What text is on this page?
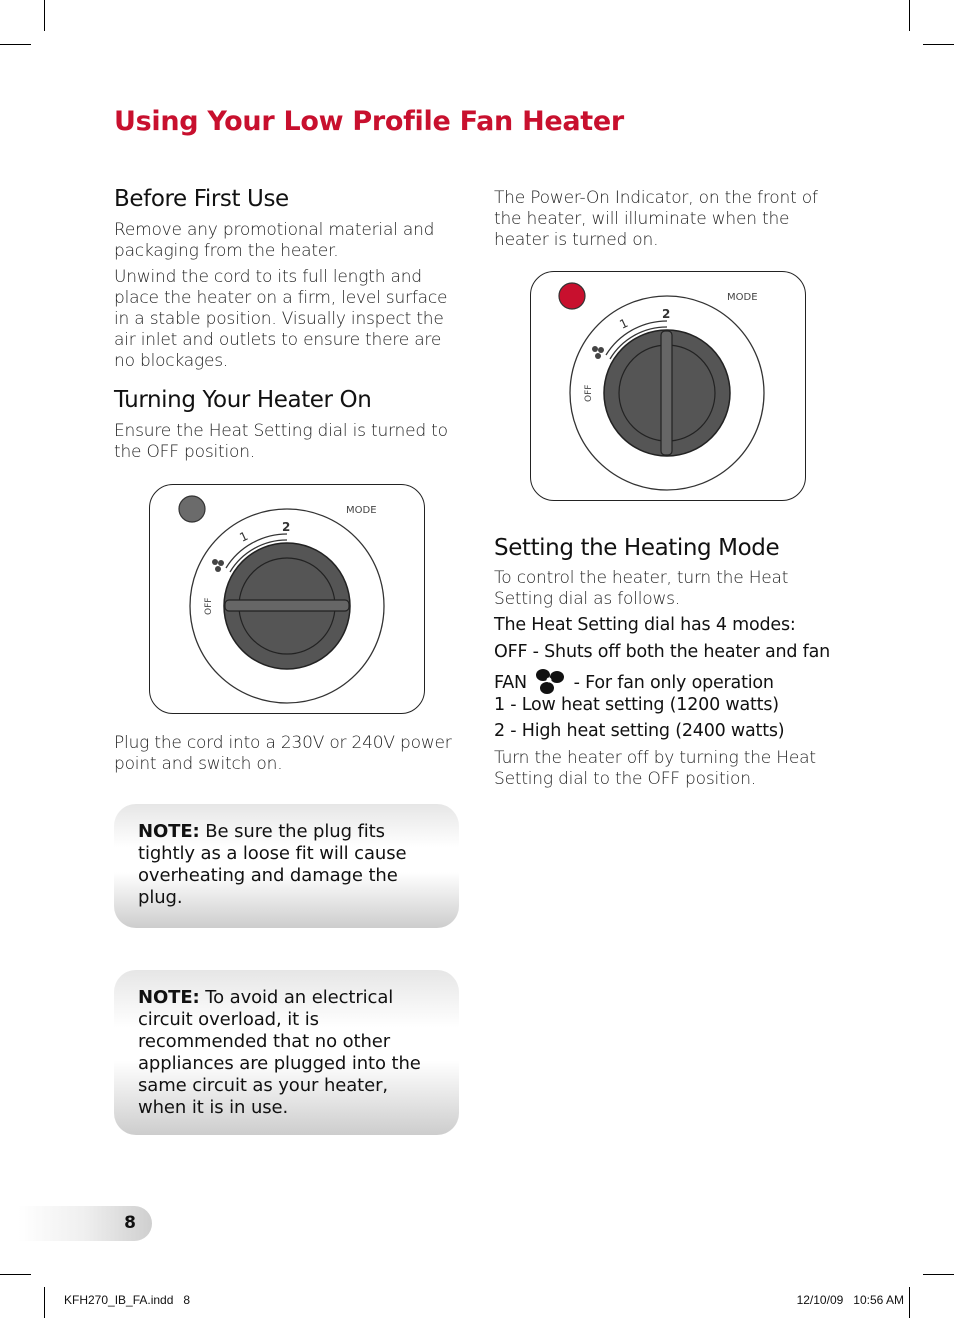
Using Your Low Profile Fan Heater
Before First Use

Remove any promotional material and packaging from the heater.

Unwind the cord to its full length and place the heater on a firm, level surface in a stable position. Visually inspect the air inlet and outlets to ensure there are no blockages.

Turning Your Heater On

Ensure the Heat Setting dial is turned to the OFF position.

MODE
1
2
OFF

Plug the cord into a 230V or 240V power point and switch on.

NOTE: Be sure the plug fits tightly as a loose fit will cause overheating and damage the plug.
NOTE: To avoid an electrical circuit overload, it is recommended that no other appliances are plugged into the same circuit as your heater, when it is in use.

The Power-On Indicator, on the front of the heater, will illuminate when the heater is turned on.

MODE
1
2
OFF
Setting the Heating Mode

To control the heater, turn the Heat Setting dial as follows.

The Heat Setting dial has 4 modes:

OFF - Shuts off both the heater and fan

FAN	- For fan only operation

1 - Low heat setting (1200 watts)

2 - High heat setting (2400 watts)

Turn the heater off by turning the Heat Setting dial to the OFF position.

8
KFH270_IB_FA.indd   8	12/10/09   10:56 AM
